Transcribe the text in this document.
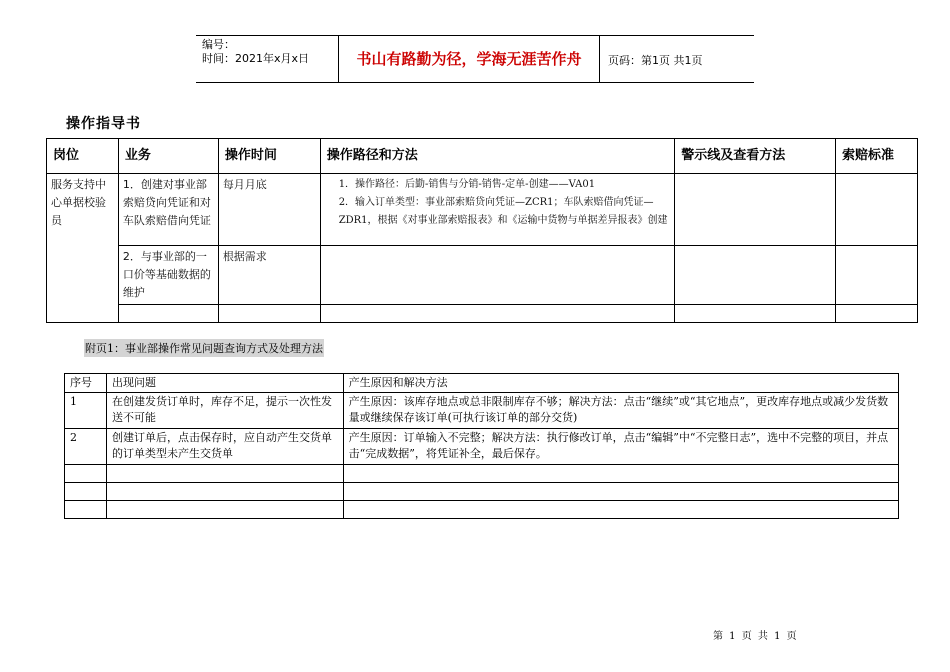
编号：
时间：2021年x月x日	书山有路勤为径，学海无涯苦作舟	页码：第1页 共1页
操作指导书
岗位	业务	操作时间	操作路径和方法	警示线及查看方法	索赔标准
服务支持中心单据校验员	1．创建对事业部索赔贷向凭证和对车队索赔借向凭证	每月月底	1．操作路径：后勤-销售与分销-销售-定单-创建——VA01
2．输入订单类型：事业部索赔贷向凭证—ZCR1；车队索赔借向凭证—ZDR1，根据《对事业部索赔报表》和《运输中货物与单据差异报表》创建		

	2．与事业部的一口价等基础数据的维护	根据需求			

附页1：事业部操作常见问题查询方式及处理方法
序号	出现问题	产生原因和解决方法
1	在创建发货订单时，库存不足，提示一次性发送不可能	产生原因：该库存地点或总非限制库存不够；解决方法：点击“继续”或“其它地点”，更改库存地点或减少发货数量或继续保存该订单(可执行该订单的部分交货)
2	创建订单后，点击保存时，应自动产生交货单的订单类型未产生交货单	产生原因：订单输入不完整；解决方法：执行修改订单，点击“编辑”中“不完整日志”，选中不完整的项目，并点击“完成数据”，将凭证补全，最后保存。

第 1 页 共 1 页
